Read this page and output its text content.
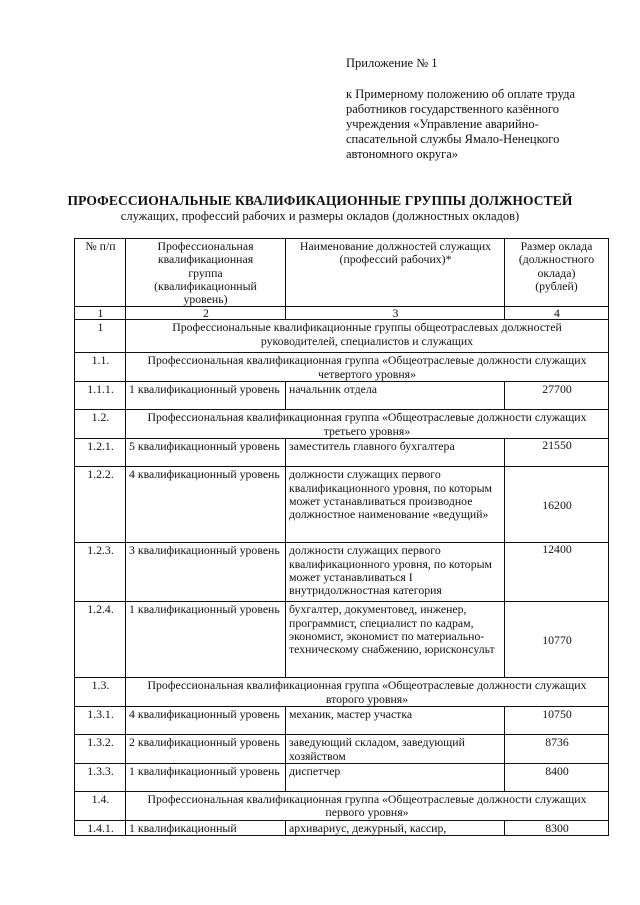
Приложение № 1
к Примерному положению об оплате труда
работников государственного казённого
учреждения «Управление аварийно-
спасательной службы Ямало-Ненецкого
автономного округа»
ПРОФЕССИОНАЛЬНЫЕ КВАЛИФИКАЦИОННЫЕ ГРУППЫ ДОЛЖНОСТЕЙ
служащих, профессий рабочих и размеры окладов (должностных окладов)
№ п/п	Профессиональная квалификационная группа (квалификационный уровень)	Наименование должностей служащих (профессий рабочих)*	Размер оклада (должностного оклада) (рублей)
1	2	3	4
1	Профессиональные квалификационные группы общеотраслевых должностей руководителей, специалистов и служащих		
1.1.	Профессиональная квалификационная группа «Общеотраслевые должности служащих четвертого уровня»		
1.1.1.	1 квалификационный уровень	начальник отдела	27700
1.2.	Профессиональная квалификационная группа «Общеотраслевые должности служащих третьего уровня»		
1.2.1.	5 квалификационный уровень	заместитель главного бухгалтера	21550
1.2.2.	4 квалификационный уровень	должности служащих первого квалификационного уровня, по которым может устанавливаться производное должностное наименование «ведущий»	16200
1.2.3.	3 квалификационный уровень	должности служащих первого квалификационного уровня, по которым может устанавливаться I внутридолжностная категория	12400
1.2.4.	1 квалификационный уровень	бухгалтер, документовед, инженер, программист, специалист по кадрам, экономист, экономист по материально-техническому снабжению, юрисконсульт	10770
1.3.	Профессиональная квалификационная группа «Общеотраслевые должности служащих второго уровня»		
1.3.1.	4 квалификационный уровень	механик, мастер участка	10750
1.3.2.	2 квалификационный уровень	заведующий складом, заведующий хозяйством	8736
1.3.3.	1 квалификационный уровень	диспетчер	8400
1.4.	Профессиональная квалификационная группа «Общеотраслевые должности служащих первого уровня»		
1.4.1.	1 квалификационный	архивариус, дежурный, кассир,	8300
